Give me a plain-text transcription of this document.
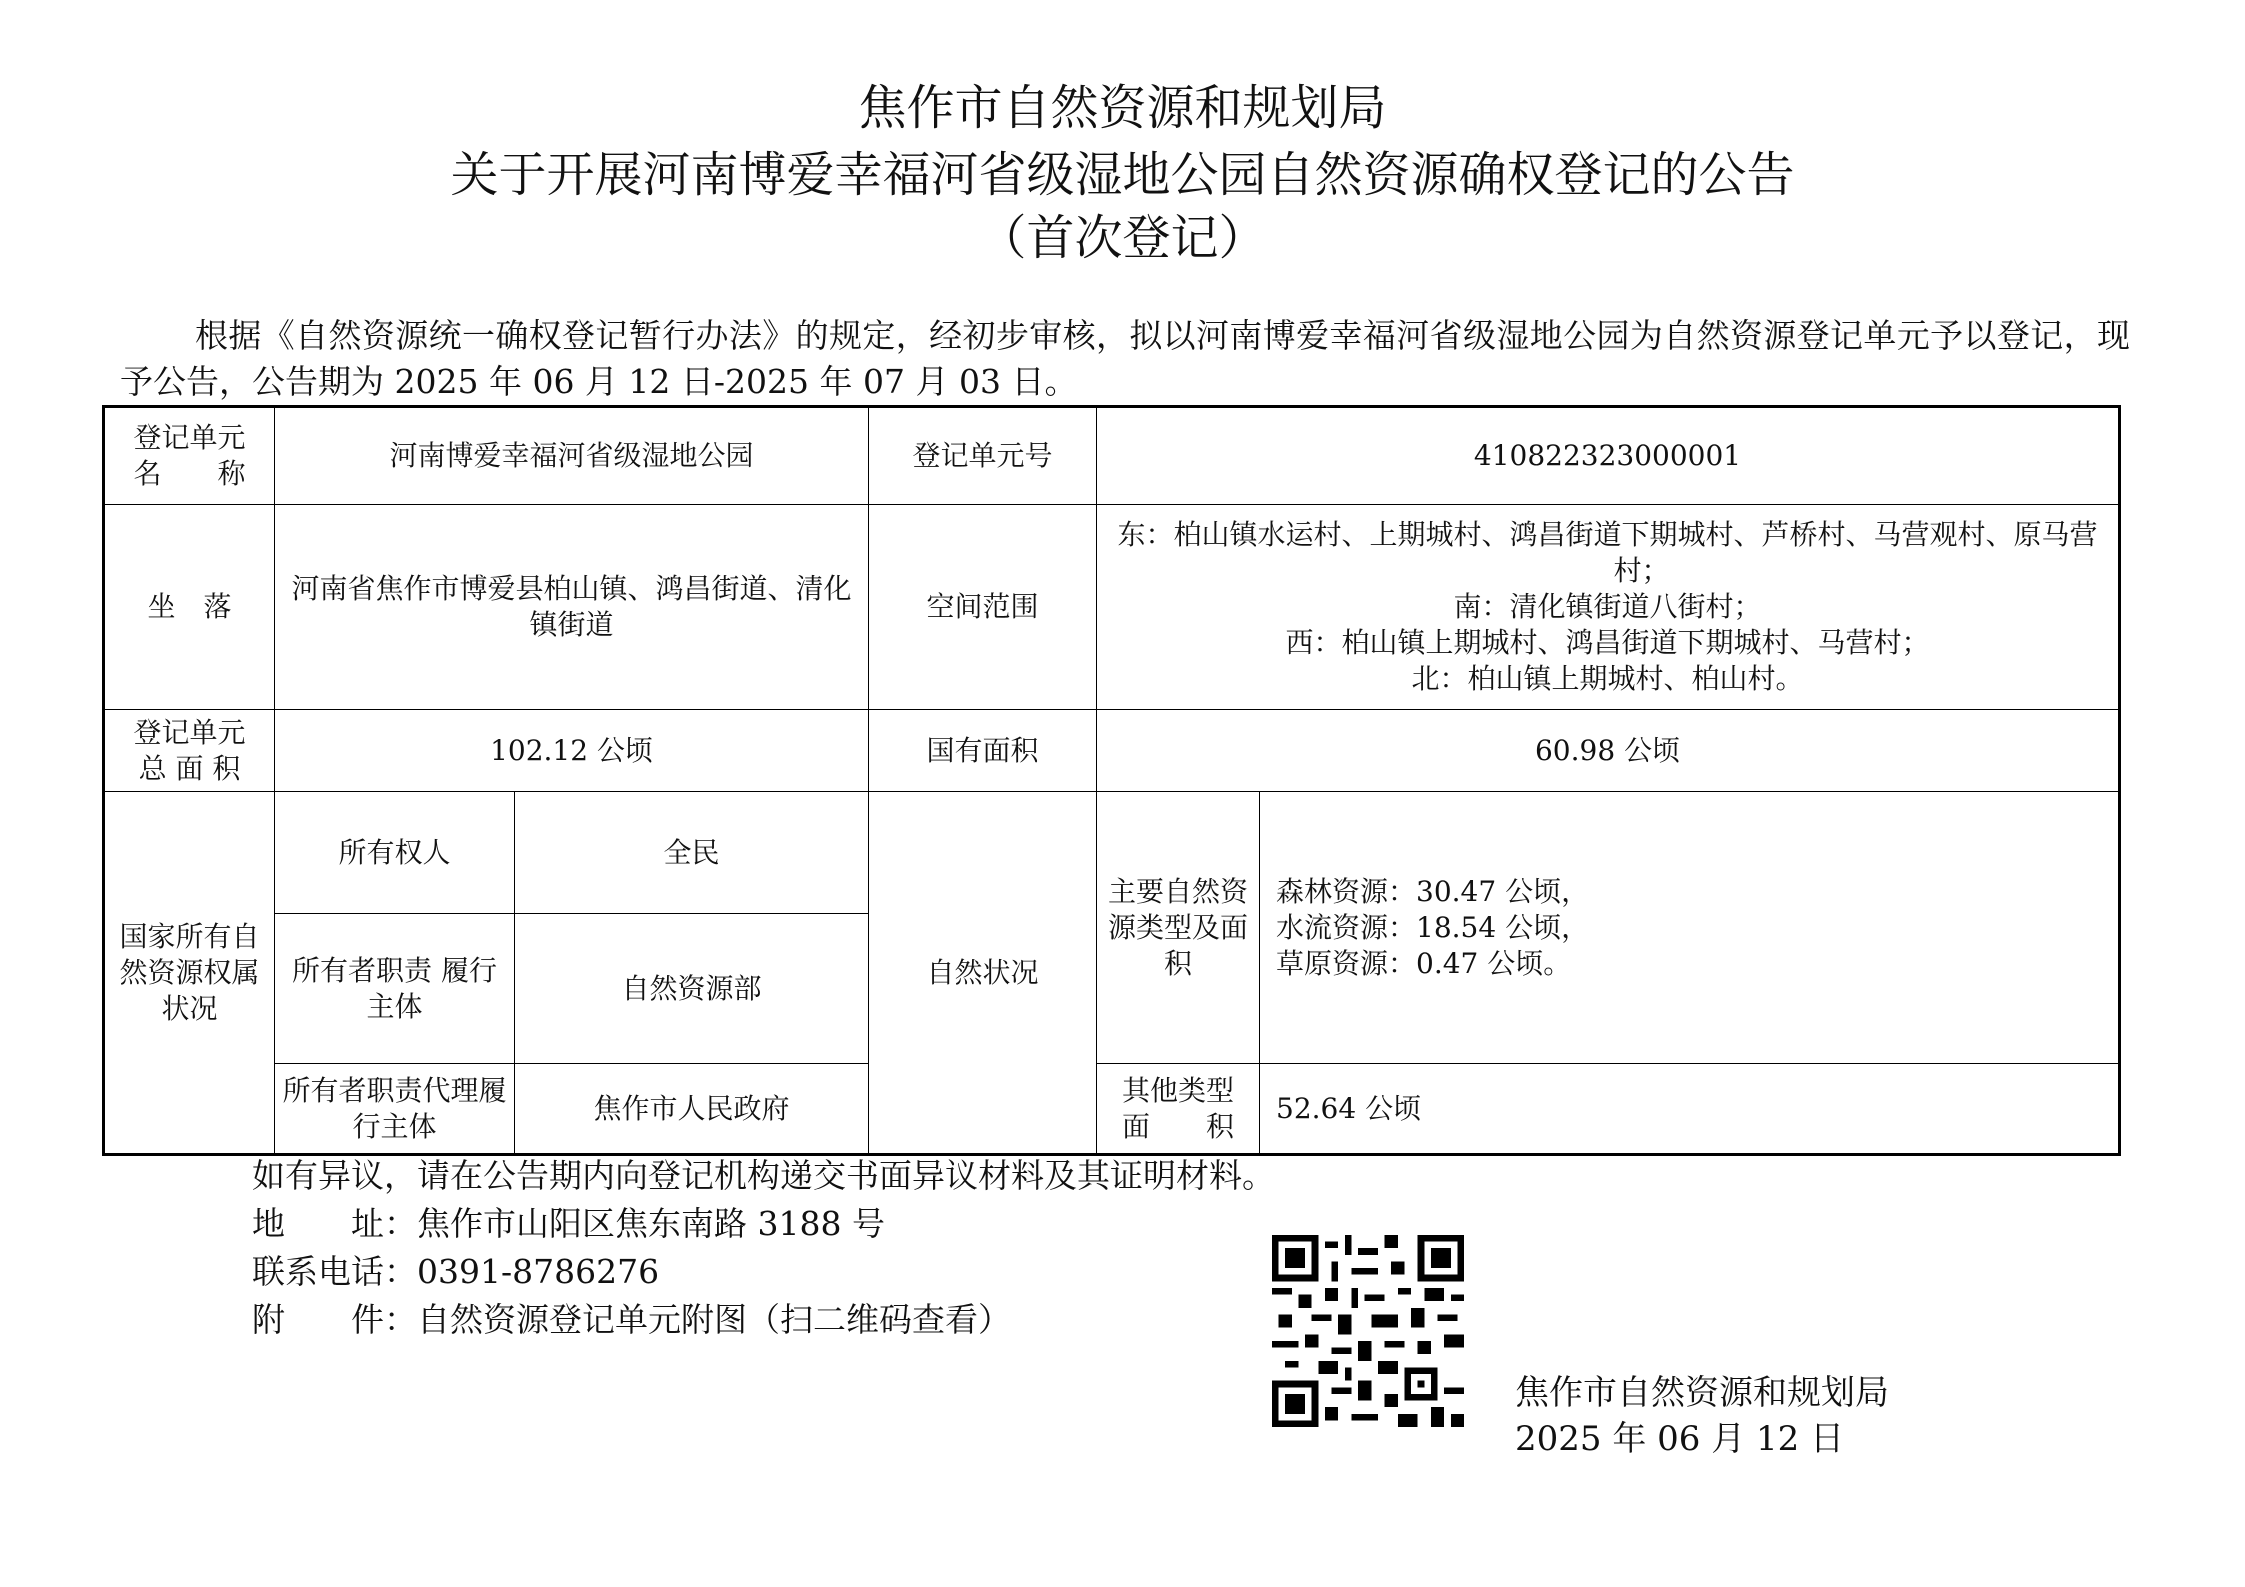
焦作市自然资源和规划局
关于开展河南博爱幸福河省级湿地公园自然资源确权登记的公告
（首次登记）
根据《自然资源统一确权登记暂行办法》的规定，经初步审核，拟以河南博爱幸福河省级湿地公园为自然资源登记单元予以登记，现予公告，公告期为 2025 年 06 月 12 日-2025 年 07 月 03 日。
登记单元
名　　称	河南博爱幸福河省级湿地公园		登记单元号	410822323000001	
坐　落	河南省焦作市博爱县柏山镇、鸿昌街道、清化镇街道		空间范围	东：柏山镇水运村、上期城村、鸿昌街道下期城村、芦桥村、马营观村、原马营村；
南：清化镇街道八街村；
西：柏山镇上期城村、鸿昌街道下期城村、马营村；
北：柏山镇上期城村、柏山村。	

登记单元
总 面 积	102.12 公顷		国有面积	60.98 公顷	
国家所有自然资源权属状况	所有权人	全民	自然状况	主要自然资源类型及面积	森林资源：30.47 公顷，
水流资源：18.54 公顷，
草原资源：0.47 公顷。

	所有者职责 履行主体	自然资源部			
	所有者职责代理履行主体	焦作市人民政府		其他类型
面　　积	52.64 公顷
如有异议，请在公告期内向登记机构递交书面异议材料及其证明材料。
地　　址：焦作市山阳区焦东南路 3188 号
联系电话：0391-8786276
附　　件：自然资源登记单元附图（扫二维码查看）
焦作市自然资源和规划局
2025 年 06 月 12 日
